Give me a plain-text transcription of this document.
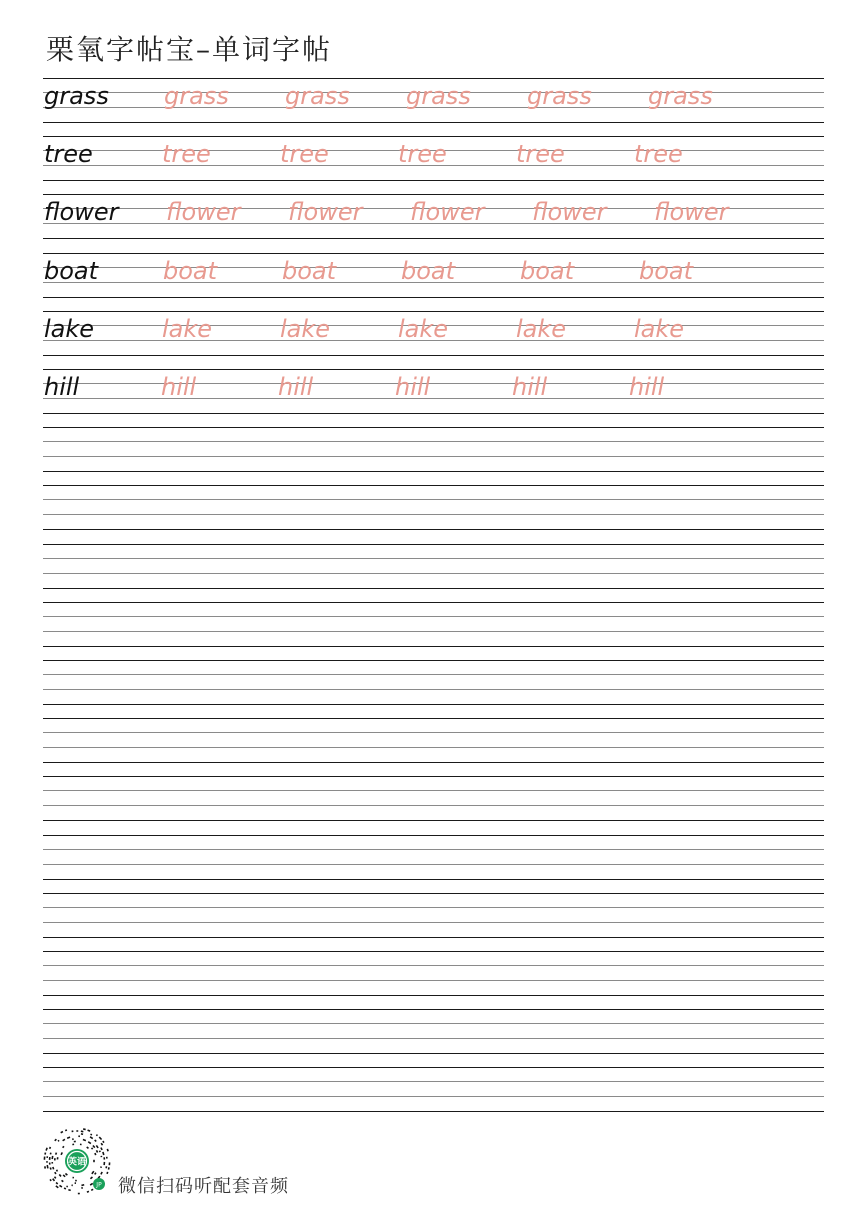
栗氧字帖宝–单词字帖
grass grass grass grass grass grass
tree	tree	tree	tree	tree	tree
flower flower flower flower flower flower
boat	boat	boat	boat	boat	boat
lake	lake	lake	lake	lake	lake
hill	hill	hill	hill	hill	hill
英语
JP 微信扫码听配套音频
